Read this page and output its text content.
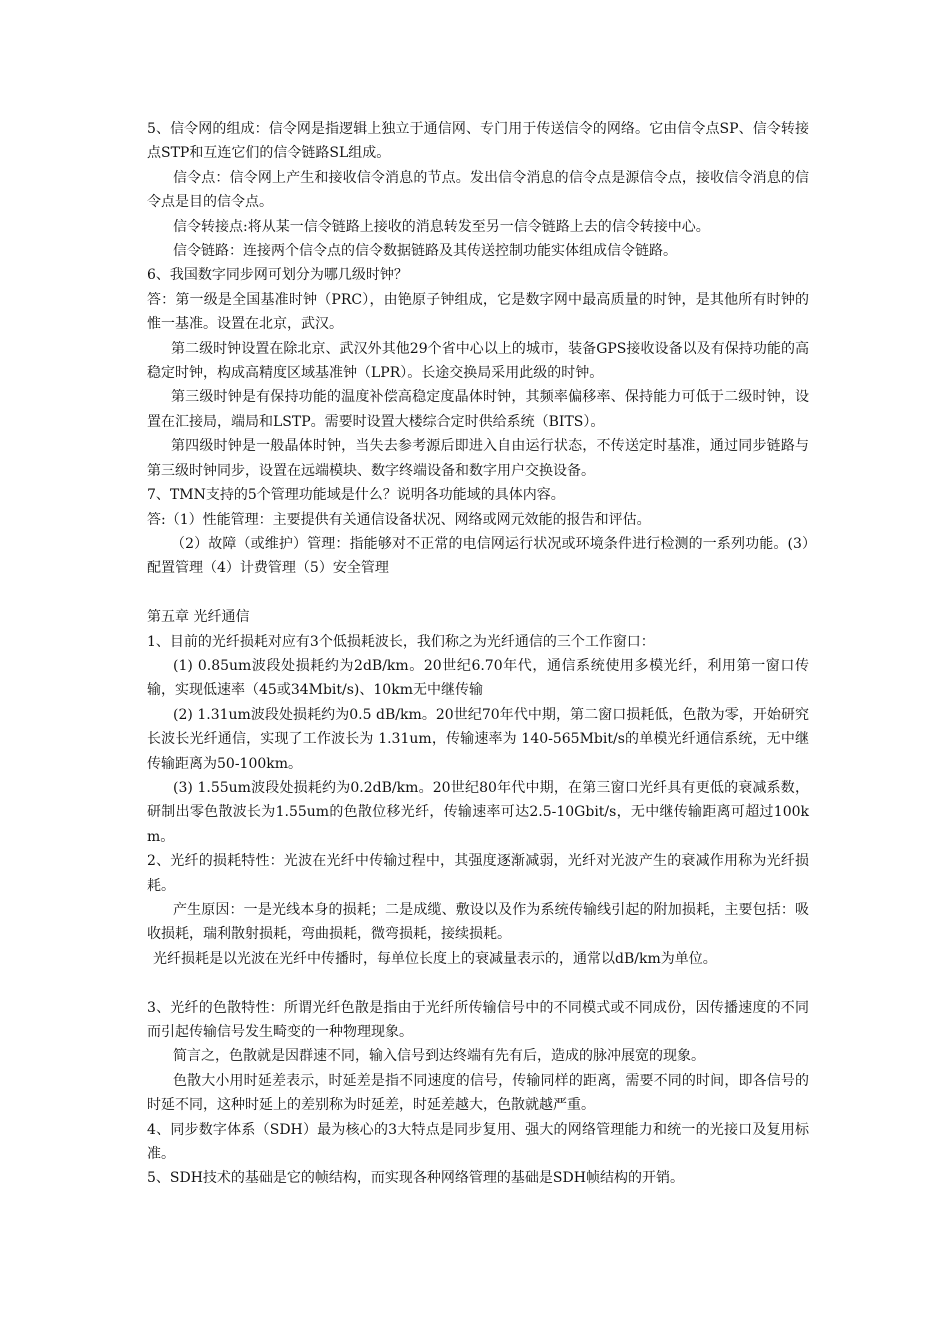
5、信令网的组成：信令网是指逻辑上独立于通信网、专门用于传送信令的网络。它由信令点SP、信令转接点STP和互连它们的信令链路SL组成。

信令点：信令网上产生和接收信令消息的节点。发出信令消息的信令点是源信令点，接收信令消息的信令点是目的信令点。

信令转接点:将从某一信令链路上接收的消息转发至另一信令链路上去的信令转接中心。

信令链路：连接两个信令点的信令数据链路及其传送控制功能实体组成信令链路。

6、我国数字同步网可划分为哪几级时钟？

答：第一级是全国基准时钟（PRC），由铯原子钟组成，它是数字网中最高质量的时钟，是其他所有时钟的惟一基准。设置在北京，武汉。

第二级时钟设置在除北京、武汉外其他29个省中心以上的城市，装备GPS接收设备以及有保持功能的高稳定时钟，构成高精度区域基准钟（LPR）。长途交换局采用此级的时钟。

第三级时钟是有保持功能的温度补偿高稳定度晶体时钟，其频率偏移率、保持能力可低于二级时钟，设置在汇接局，端局和LSTP。需要时设置大楼综合定时供给系统（BITS）。

第四级时钟是一般晶体时钟，当失去参考源后即进入自由运行状态，不传送定时基准，通过同步链路与第三级时钟同步，设置在远端模块、数字终端设备和数字用户交换设备。

7、TMN支持的5个管理功能域是什么？说明各功能域的具体内容。

答:（1）性能管理：主要提供有关通信设备状况、网络或网元效能的报告和评估。

（2）故障（或维护）管理：指能够对不正常的电信网运行状况或环境条件进行检测的一系列功能。(3）配置管理（4）计费管理（5）安全管理

第五章 光纤通信

1、目前的光纤损耗对应有3个低损耗波长，我们称之为光纤通信的三个工作窗口：

(1) 0.85um波段处损耗约为2dB/km。20世纪6.70年代，通信系统使用多模光纤，利用第一窗口传输，实现低速率（45或34Mbit/s)、10km无中继传输

(2) 1.31um波段处损耗约为0.5 dB/km。20世纪70年代中期，第二窗口损耗低，色散为零，开始研究长波长光纤通信，实现了工作波长为 1.31um，传输速率为 140-565Mbit/s的单模光纤通信系统，无中继传输距离为50-100km。

(3) 1.55um波段处损耗约为0.2dB/km。20世纪80年代中期，在第三窗口光纤具有更低的衰减系数，研制出零色散波长为1.55um的色散位移光纤，传输速率可达2.5-10Gbit/s，无中继传输距离可超过100km。

2、光纤的损耗特性：光波在光纤中传输过程中，其强度逐渐减弱，光纤对光波产生的衰减作用称为光纤损耗。

产生原因：一是光线本身的损耗；二是成缆、敷设以及作为系统传输线引起的附加损耗，主要包括：吸收损耗，瑞利散射损耗，弯曲损耗，微弯损耗，接续损耗。

光纤损耗是以光波在光纤中传播时，每单位长度上的衰减量表示的，通常以dB/km为单位。

3、光纤的色散特性：所谓光纤色散是指由于光纤所传输信号中的不同模式或不同成份，因传播速度的不同而引起传输信号发生畸变的一种物理现象。

简言之，色散就是因群速不同，输入信号到达终端有先有后，造成的脉冲展宽的现象。

色散大小用时延差表示，时延差是指不同速度的信号，传输同样的距离，需要不同的时间，即各信号的时延不同，这种时延上的差别称为时延差，时延差越大，色散就越严重。

4、同步数字体系（SDH）最为核心的3大特点是同步复用、强大的网络管理能力和统一的光接口及复用标准。

5、SDH技术的基础是它的帧结构，而实现各种网络管理的基础是SDH帧结构的开销。
